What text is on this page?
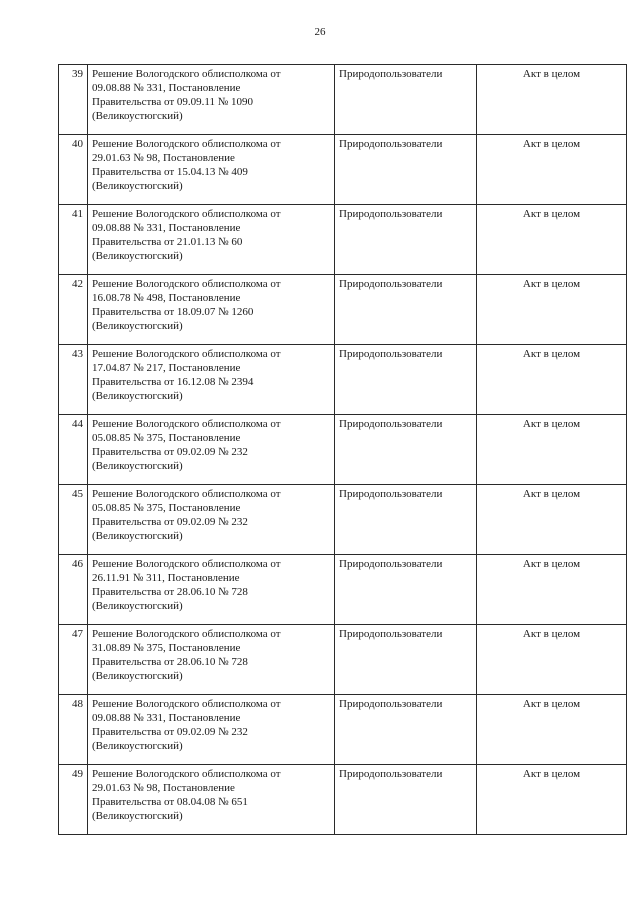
26
39	Решение Вологодского облисполкома от
09.08.88 № 331, Постановление
Правительства от 09.09.11 № 1090
(Великоустюгский)	Природопользователи	Акт в целом
40	Решение Вологодского облисполкома от
29.01.63 № 98, Постановление
Правительства от 15.04.13 № 409
(Великоустюгский)	Природопользователи	Акт в целом
41	Решение Вологодского облисполкома от
09.08.88 № 331, Постановление
Правительства от 21.01.13 № 60
(Великоустюгский)	Природопользователи	Акт в целом
42	Решение Вологодского облисполкома от
16.08.78 № 498, Постановление
Правительства от 18.09.07 № 1260
(Великоустюгский)	Природопользователи	Акт в целом
43	Решение Вологодского облисполкома от
17.04.87 № 217, Постановление
Правительства от 16.12.08 № 2394
(Великоустюгский)	Природопользователи	Акт в целом
44	Решение Вологодского облисполкома от
05.08.85 № 375, Постановление
Правительства от 09.02.09 № 232
(Великоустюгский)	Природопользователи	Акт в целом
45	Решение Вологодского облисполкома от
05.08.85 № 375, Постановление
Правительства от 09.02.09 № 232
(Великоустюгский)	Природопользователи	Акт в целом
46	Решение Вологодского облисполкома от
26.11.91 № 311, Постановление
Правительства от 28.06.10 № 728
(Великоустюгский)	Природопользователи	Акт в целом
47	Решение Вологодского облисполкома от
31.08.89 № 375, Постановление
Правительства от 28.06.10 № 728
(Великоустюгский)	Природопользователи	Акт в целом
48	Решение Вологодского облисполкома от
09.08.88 № 331, Постановление
Правительства от 09.02.09 № 232
(Великоустюгский)	Природопользователи	Акт в целом
49	Решение Вологодского облисполкома от
29.01.63 № 98, Постановление
Правительства от 08.04.08 № 651
(Великоустюгский)	Природопользователи	Акт в целом
